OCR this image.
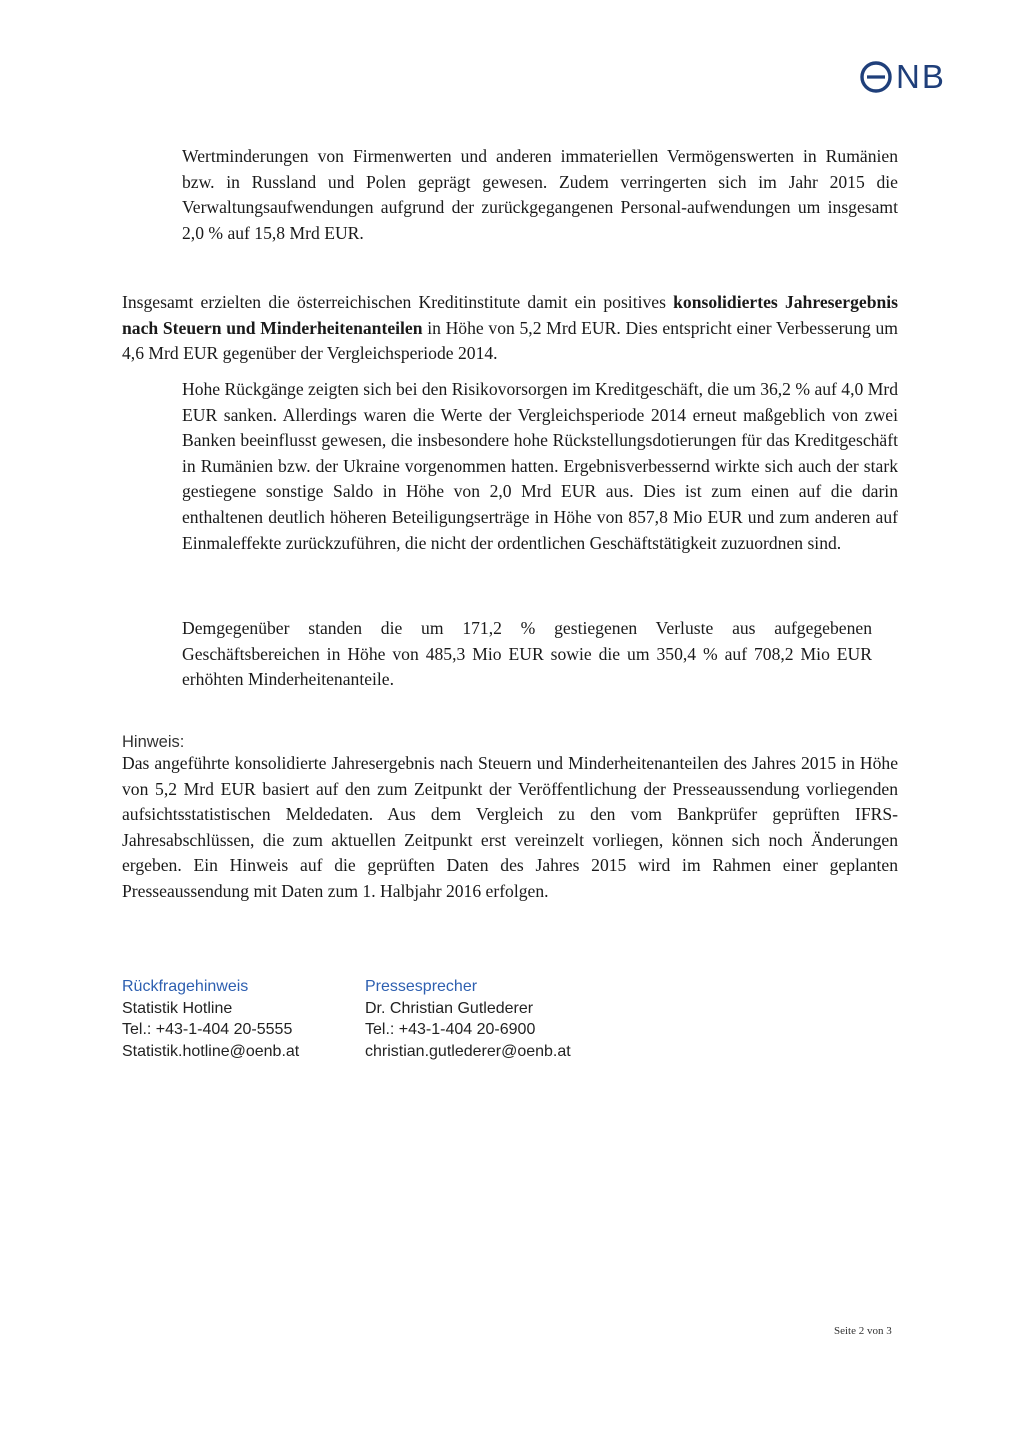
NB

Wertminderungen von Firmenwerten und anderen immateriellen Vermögenswerten in Rumänien bzw. in Russland und Polen geprägt gewesen. Zudem verringerten sich im Jahr 2015 die Verwaltungsaufwendungen aufgrund der zurückgegangenen Personal-aufwendungen um insgesamt 2,0 % auf 15,8 Mrd EUR.

Insgesamt erzielten die österreichischen Kreditinstitute damit ein positives konsolidiertes Jahresergebnis nach Steuern und Minderheitenanteilen in Höhe von 5,2 Mrd EUR. Dies entspricht einer Verbesserung um 4,6 Mrd EUR gegenüber der Vergleichsperiode 2014.

Hohe Rückgänge zeigten sich bei den Risikovorsorgen im Kreditgeschäft, die um 36,2 % auf 4,0 Mrd EUR sanken. Allerdings waren die Werte der Vergleichsperiode 2014 erneut maßgeblich von zwei Banken beeinflusst gewesen, die insbesondere hohe Rückstellungsdotierungen für das Kreditgeschäft in Rumänien bzw. der Ukraine vorgenommen hatten. Ergebnisverbessernd wirkte sich auch der stark gestiegene sonstige Saldo in Höhe von 2,0 Mrd EUR aus. Dies ist zum einen auf die darin enthaltenen deutlich höheren Beteiligungserträge in Höhe von 857,8 Mio EUR und zum anderen auf Einmaleffekte zurückzuführen, die nicht der ordentlichen Geschäftstätigkeit zuzuordnen sind.

Demgegenüber standen die um 171,2 % gestiegenen Verluste aus aufgegebenen Geschäftsbereichen in Höhe von 485,3 Mio EUR sowie die um 350,4 % auf 708,2 Mio EUR erhöhten Minderheitenanteile.

Hinweis:

Das angeführte konsolidierte Jahresergebnis nach Steuern und Minderheitenanteilen des Jahres 2015 in Höhe von 5,2 Mrd EUR basiert auf den zum Zeitpunkt der Veröffentlichung der Presseaussendung vorliegenden aufsichtsstatistischen Meldedaten. Aus dem Vergleich zu den vom Bankprüfer geprüften IFRS-Jahresabschlüssen, die zum aktuellen Zeitpunkt erst vereinzelt vorliegen, können sich noch Änderungen ergeben. Ein Hinweis auf die geprüften Daten des Jahres 2015 wird im Rahmen einer geplanten Presseaussendung mit Daten zum 1. Halbjahr 2016 erfolgen.

Rückfragehinweis
Statistik Hotline
Tel.: +43-1-404 20-5555
Statistik.hotline@oenb.at
Pressesprecher
Dr. Christian Gutlederer
Tel.: +43-1-404 20-6900
christian.gutlederer@oenb.at
Seite 2 von 3
